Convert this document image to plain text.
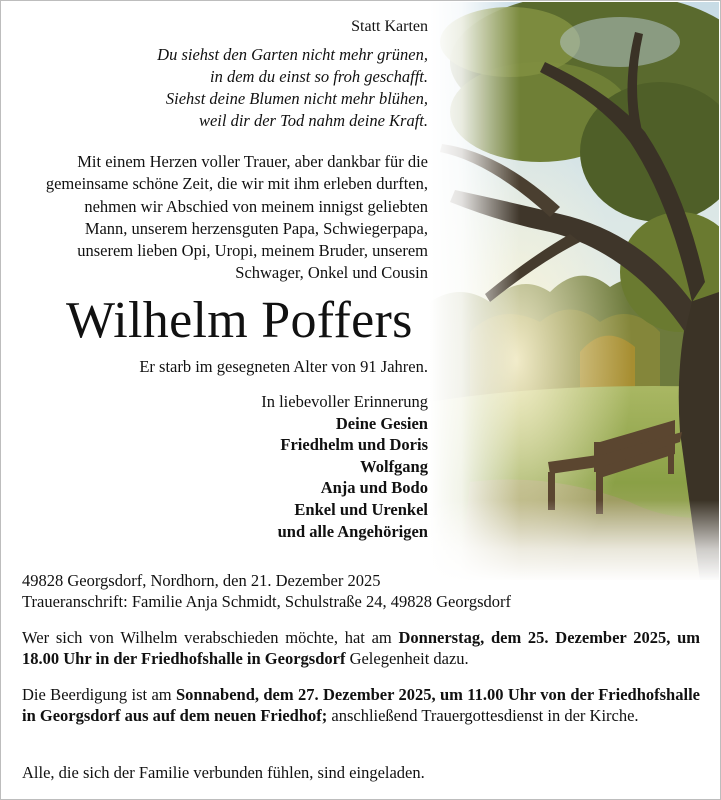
Statt Karten
Du siehst den Garten nicht mehr grünen,
in dem du einst so froh geschafft.
Siehst deine Blumen nicht mehr blühen,
weil dir der Tod nahm deine Kraft.
Mit einem Herzen voller Trauer, aber dankbar für die
gemeinsame schöne Zeit, die wir mit ihm erleben durften,
nehmen wir Abschied von meinem innigst geliebten
Mann, unserem herzensguten Papa, Schwiegerpapa,
unserem lieben Opi, Uropi, meinem Bruder, unserem
Schwager, Onkel und Cousin
Wilhelm Poffers
Er starb im gesegneten Alter von 91 Jahren.
In liebevoller Erinnerung
Deine Gesien
Friedhelm und Doris
Wolfgang
Anja und Bodo
Enkel und Urenkel
und alle Angehörigen
49828 Georgsdorf, Nordhorn, den 21. Dezember 2025
Traueranschrift: Familie Anja Schmidt, Schulstraße 24, 49828 Georgsdorf
Wer sich von Wilhelm verabschieden möchte, hat am Donnerstag, dem 25. Dezember 2025, um 18.00 Uhr in der Friedhofshalle in Georgsdorf Gelegenheit dazu.
Die Beerdigung ist am Sonnabend, dem 27. Dezember 2025, um 11.00 Uhr von der Friedhofshalle in Georgsdorf aus auf dem neuen Friedhof; anschließend Trauergottesdienst in der Kirche.
Alle, die sich der Familie verbunden fühlen, sind eingeladen.
